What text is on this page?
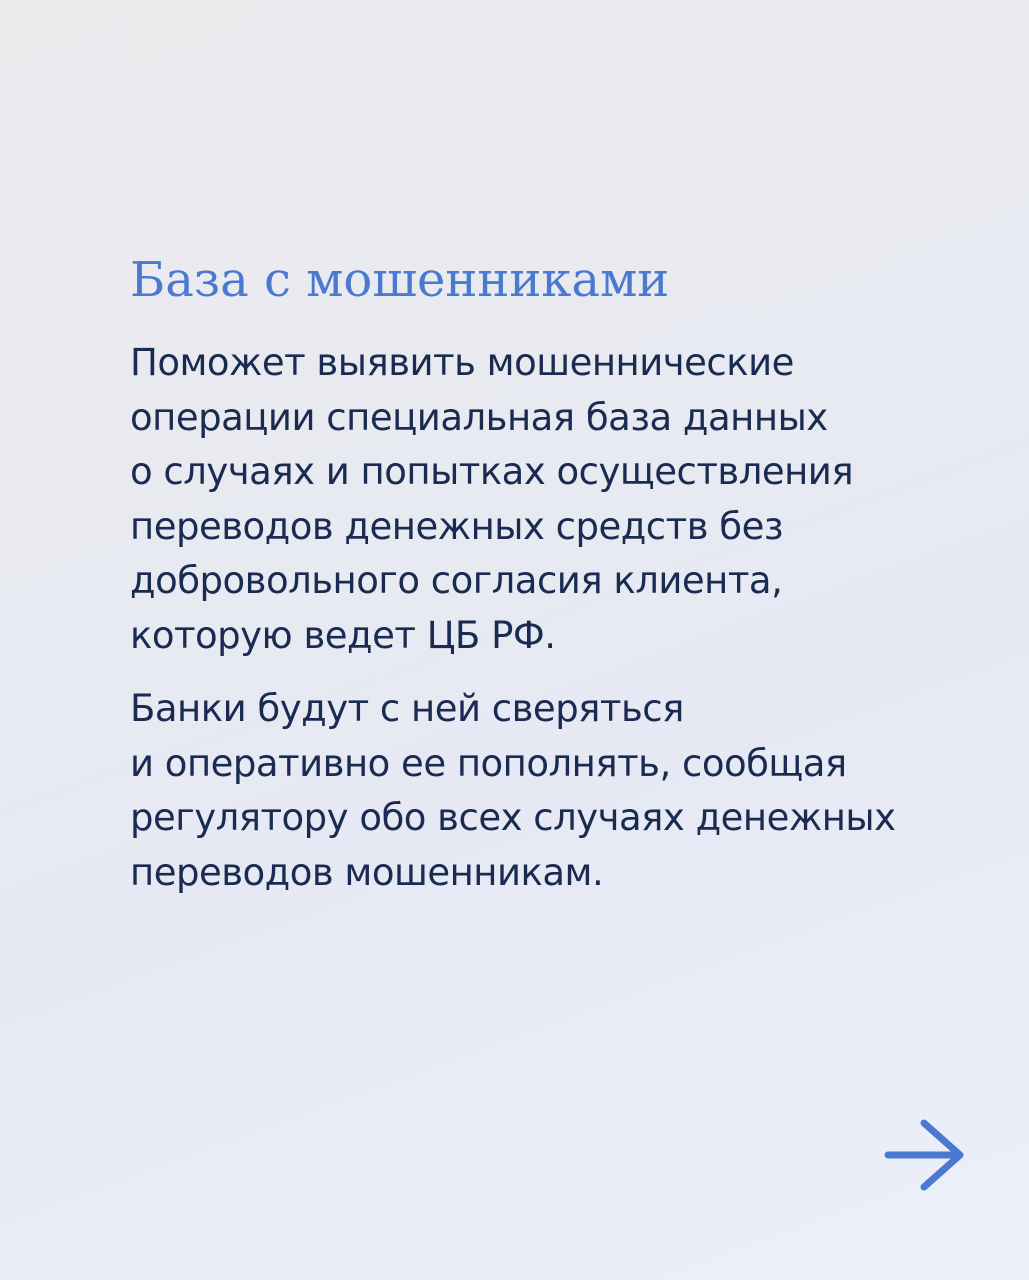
База с мошенниками

Поможет выявить мошеннические
операции специальная база данных
о случаях и попытках осуществления
переводов денежных средств без
добровольного согласия клиента,
которую ведет ЦБ РФ.

Банки будут с ней сверяться
и оперативно ее пополнять, сообщая
регулятору обо всех случаях денежных
переводов мошенникам.
